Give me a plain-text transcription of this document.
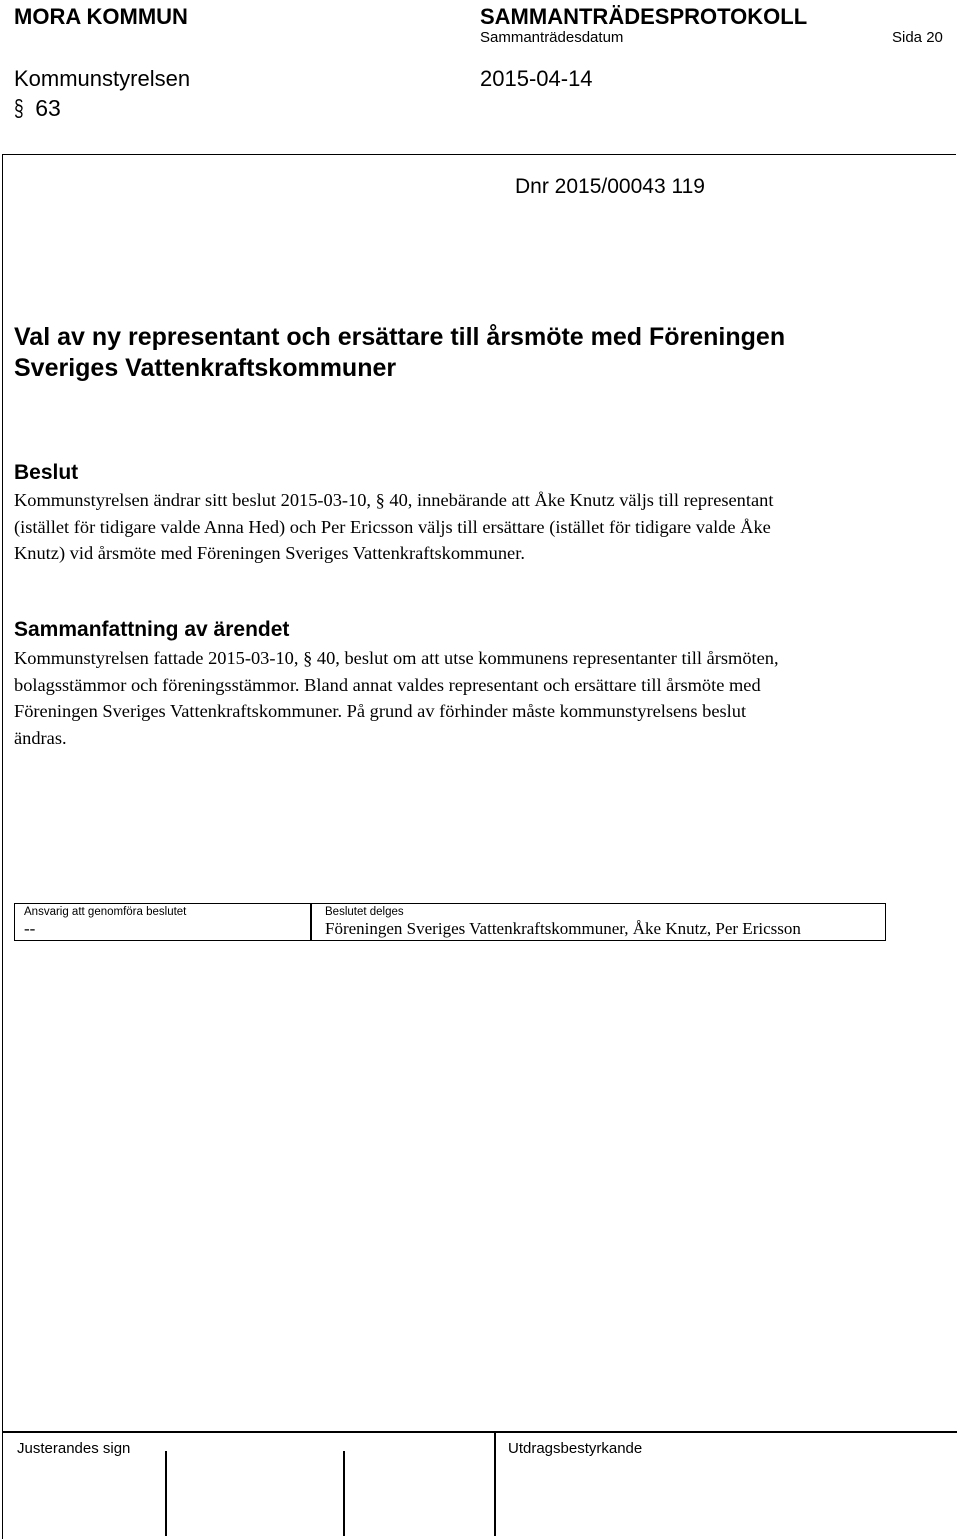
MORA KOMMUN	SAMMANTRÄDESPROTOKOLL
Sammanträdesdatum	Sida 20
Kommunstyrelsen	2015-04-14
§ 63
Dnr 2015/00043 119
Val av ny representant och ersättare till årsmöte med Föreningen
Sveriges Vattenkraftskommuner
Beslut
Kommunstyrelsen ändrar sitt beslut 2015-03-10, § 40, innebärande att Åke Knutz väljs till representant
(istället för tidigare valde Anna Hed) och Per Ericsson väljs till ersättare (istället för tidigare valde Åke
Knutz) vid årsmöte med Föreningen Sveriges Vattenkraftskommuner.
Sammanfattning av ärendet
Kommunstyrelsen fattade 2015-03-10, § 40, beslut om att utse kommunens representanter till årsmöten,
bolagsstämmor och föreningsstämmor. Bland annat valdes representant och ersättare till årsmöte med
Föreningen Sveriges Vattenkraftskommuner. På grund av förhinder måste kommunstyrelsens beslut
ändras.
Ansvarig att genomföra beslutet
--
Beslutet delges
Föreningen Sveriges Vattenkraftskommuner, Åke Knutz, Per Ericsson
Justerandes sign	Utdragsbestyrkande
